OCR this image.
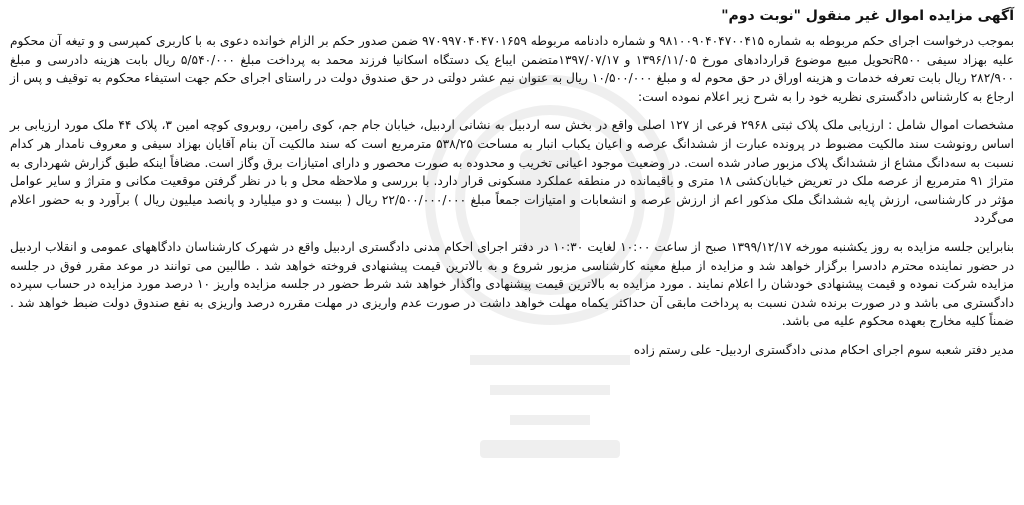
آگهی مزایده اموال غیر منقول "نوبت دوم"

بموجب درخواست اجرای حکم مربوطه به شماره ۹۸۱۰۰۹۰۴۰۴۷۰۰۴۱۵ و شماره دادنامه مربوطه ۹۷۰۹۹۷۰۴۰۴۷۰۱۶۵۹ ضمن صدور حکم بر الزام خوانده دعوی به با کاربری کمپرسی و و تیغه آن محکوم علیه بهزاد سیفی R۵۰۰تحویل مبیع موضوع قراردادهای مورخ ۱۳۹۶/۱۱/۰۵ و ۱۳۹۷/۰۷/۱۷متضمن ایباع یک دستگاه اسکانیا فرزند محمد به پرداخت مبلغ ۵/۵۴۰/۰۰۰ ریال بابت هزینه دادرسی و مبلغ ۲۸۲/۹۰۰ ریال بابت تعرفه خدمات و هزینه اوراق در حق محوم له و مبلغ ۱۰/۵۰۰/۰۰۰ ریال به عنوان نیم عشر دولتی در حق صندوق دولت در راستای اجرای حکم جهت استیفاء محکوم به توقیف و پس از ارجاع به کارشناس دادگستری نظریه خود را به شرح زیر اعلام نموده است:

مشخصات اموال شامل : ارزیابی ملک پلاک ثبتی ۲۹۶۸ فرعی از ۱۲۷ اصلی واقع در بخش سه اردبیل به نشانی اردبیل، خیابان جام جم، کوی رامین، روبروی کوچه امین ۳، پلاک ۴۴ ملک مورد ارزیابی بر اساس رونوشت سند مالکیت مضبوط در پرونده عبارت از ششدانگ عرصه و اعیان یکباب انبار به مساحت ۵۳۸/۲۵ مترمربع است که سند مالکیت آن بنام آقایان بهزاد سیفی و معروف نامدار هر کدام نسبت به سه‌دانگ مشاع از ششدانگ پلاک مزبور صادر شده است. در وضعیت موجود اعیانی تخریب و محدوده به صورت محصور و دارای امتیازات برق وگاز است. مضافاً اینکه طبق گزارش شهرداری به متراژ ۹۱ مترمربع از عرصه ملک در تعریض خیابان‌کشی ۱۸ متری و باقیمانده در منطقه عملکرد مسکونی قرار دارد. با بررسی و ملاحظه محل و با در نظر گرفتن موقعیت مکانی و متراژ و سایر عوامل مؤثر در کارشناسی، ارزش پایه ششدانگ ملک مذکور اعم از ارزش عرصه و انشعابات و امتیازات جمعاً مبلغ ۲۲/۵۰۰/۰۰۰/۰۰۰ ریال ( بیست و دو میلیارد و پانصد میلیون ریال ) برآورد و به حضور اعلام می‌گردد

بنابراین جلسه مزایده به روز یکشنبه مورخه ۱۳۹۹/۱۲/۱۷ صبح از ساعت ۱۰:۰۰ لغایت ۱۰:۳۰ در دفتر اجرای احکام مدنی دادگستری اردبیل واقع در شهرک کارشناسان دادگاههای عمومی و انقلاب اردبیل در حضور نماینده محترم دادسرا برگزار خواهد شد و مزایده از مبلغ معینه کارشناسی مزبور شروع و به بالاترین قیمت پیشنهادی فروخته خواهد شد . طالبین می توانند در موعد مقرر فوق در جلسه مزایده شرکت نموده و قیمت پیشنهادی خودشان را اعلام نمایند . مورد مزایده به بالاترین قیمت پیشنهادی واگذار خواهد شد شرط حضور در جلسه مزایده واریز ۱۰ درصد مورد مزایده در حساب سپرده دادگستری می باشد و در صورت برنده شدن نسبت به پرداخت مابقی آن حداکثر یکماه مهلت خواهد داشت در صورت عدم واریزی در مهلت مقرره درصد واریزی به نفع صندوق دولت ضبط خواهد شد . ضمناً کلیه مخارج بعهده محکوم علیه می باشد.

مدیر دفتر شعبه سوم اجرای احکام مدنی دادگستری اردبیل- علی رستم زاده
